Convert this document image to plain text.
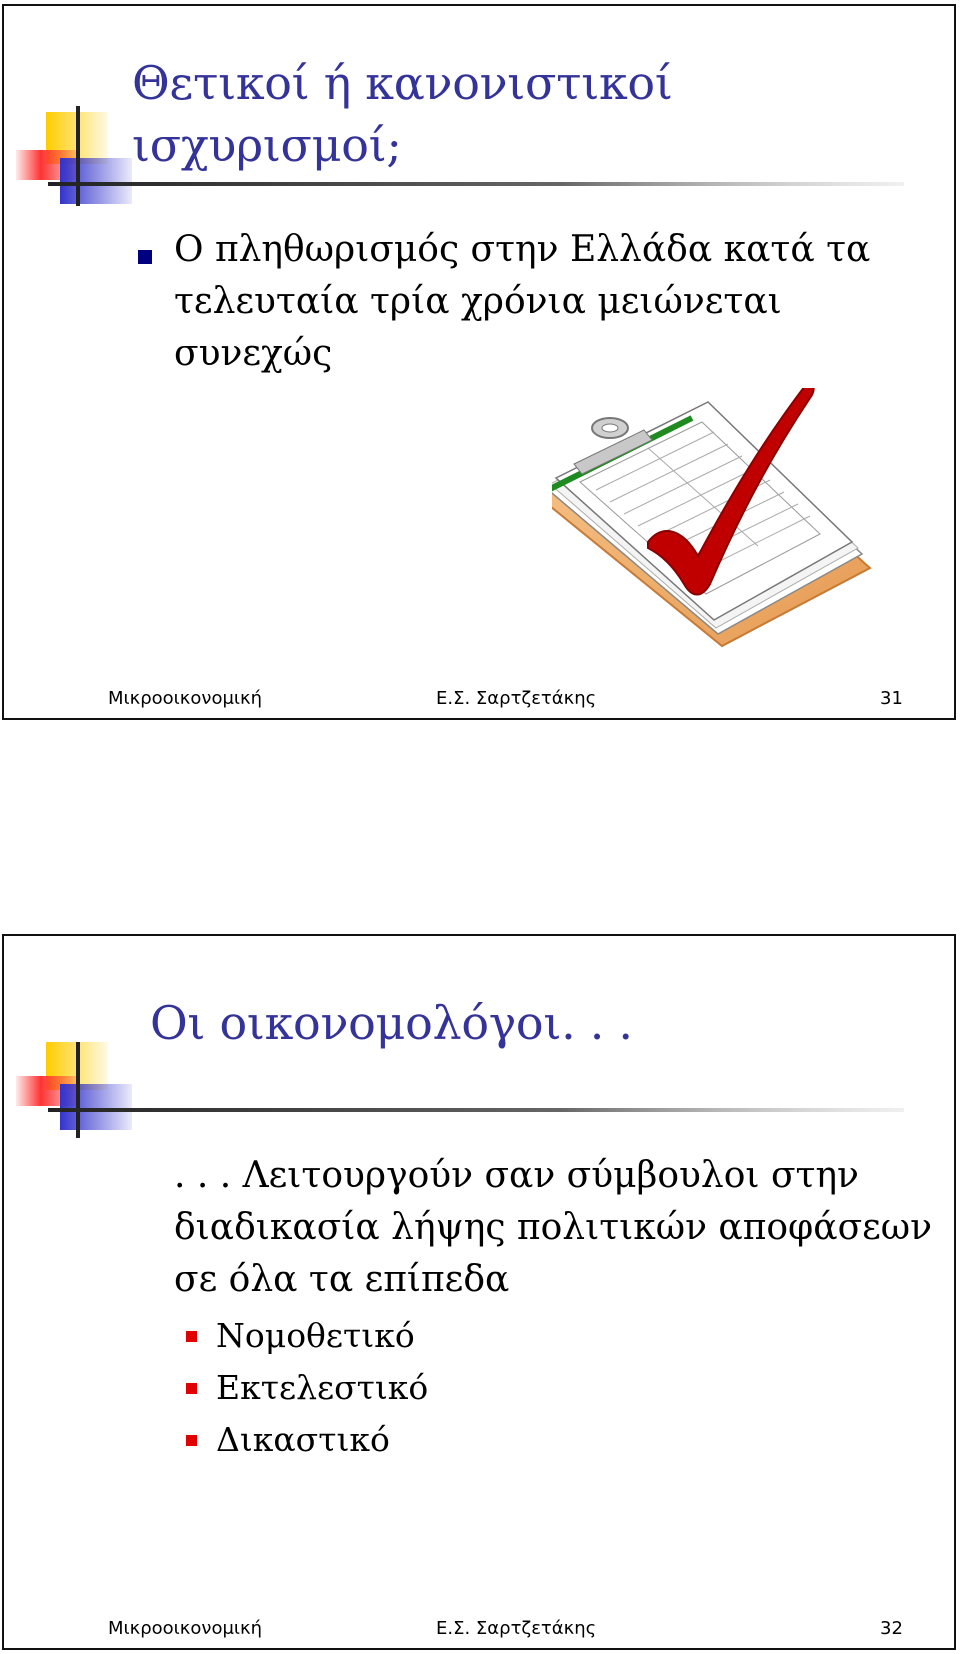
Θετικοί ή κανονιστικοί ισχυρισμοί;
Ο πληθωρισμός στην Ελλάδα κατά τα τελευταία τρία χρόνια μειώνεται συνεχώς
Μικροοικονομική	Ε.Σ. Σαρτζετάκης	31
Οι οικονομολόγοι. . .
. . . Λειτουργούν σαν σύμβουλοι στην διαδικασία λήψης πολιτικών αποφάσεων σε όλα τα επίπεδα
Νομοθετικό
Εκτελεστικό
Δικαστικό
Μικροοικονομική	Ε.Σ. Σαρτζετάκης	32
